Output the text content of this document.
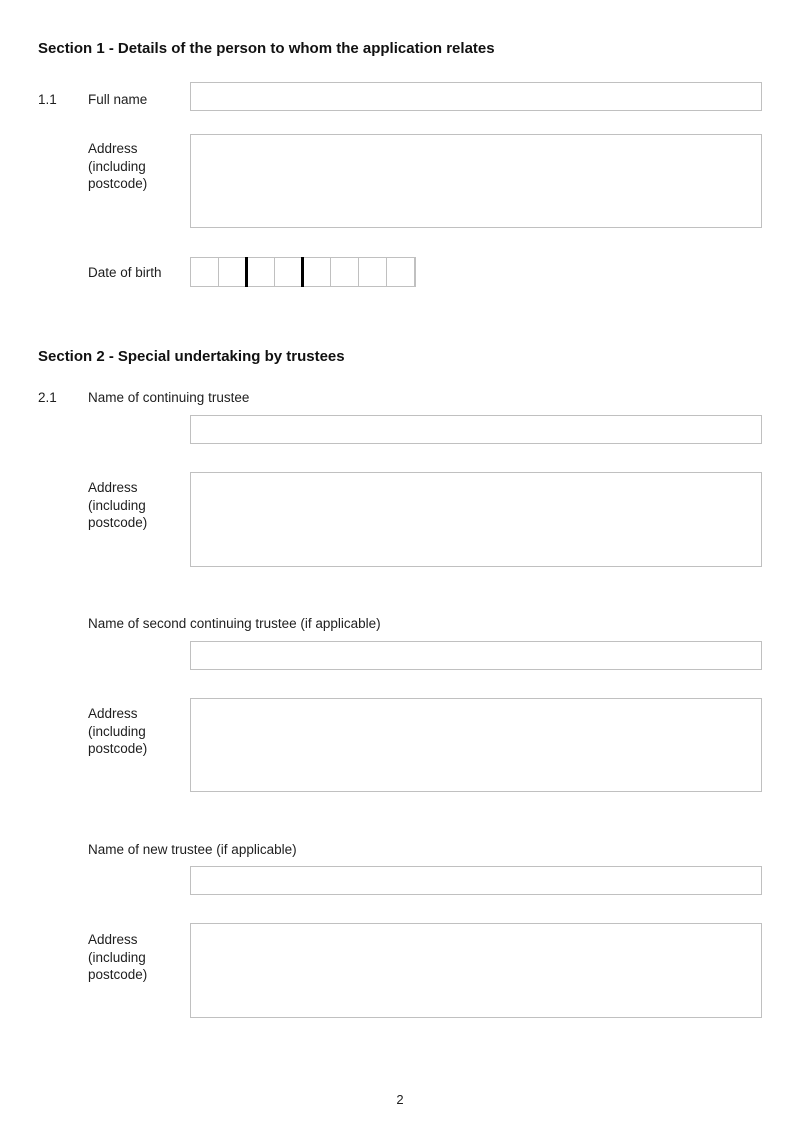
Section 1 - Details of the person to whom the application relates
1.1 Full name
Address
(including
postcode)
Date of birth
Section 2 - Special undertaking by trustees
2.1 Name of continuing trustee
Address
(including
postcode)
Name of second continuing trustee (if applicable)
Address
(including
postcode)
Name of new trustee (if applicable)
Address
(including
postcode)
2
